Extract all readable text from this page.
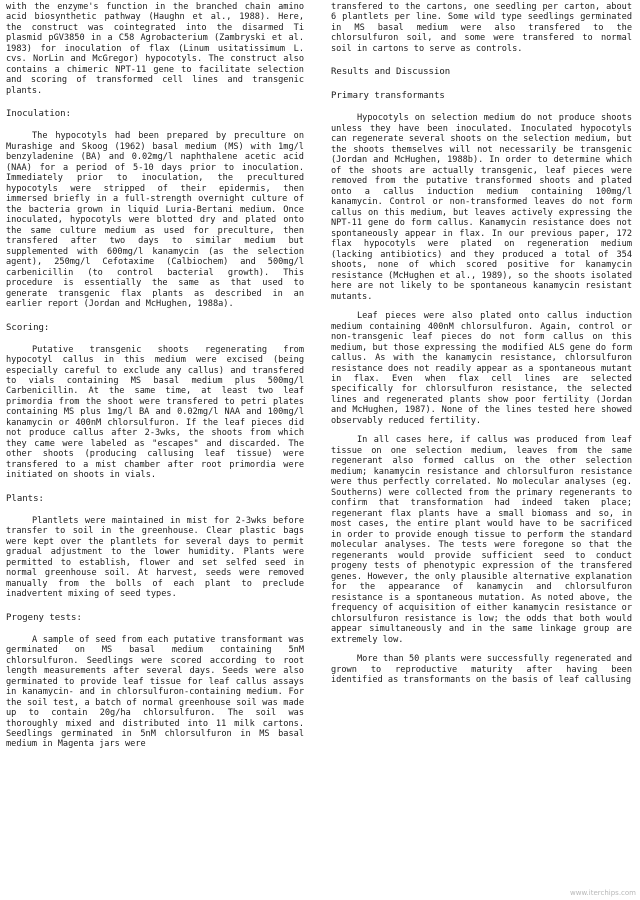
with the enzyme's function in the branched chain amino acid biosynthetic pathway (Haughn et al., 1988). Here, the construct was cointegrated into the disarmed Ti plasmid pGV3850 in a C58 Agrobacterium (Zambryski et al. 1983) for inoculation of flax (Linum usitatissimum L. cvs. NorLin and McGregor) hypocotyls. The construct also contains a chimeric NPT-11 gene to facilitate selection and scoring of transformed cell lines and transgenic plants.

Inoculation:

The hypocotyls had been prepared by preculture on Murashige and Skoog (1962) basal medium (MS) with 1mg/l benzyladenine (BA) and 0.02mg/l naphthalene acetic acid (NAA) for a period of 5-10 days prior to inoculation. Immediately prior to inoculation, the precultured hypocotyls were stripped of their epidermis, then immersed briefly in a full-strength overnight culture of the bacteria grown in liquid Luria-Bertani medium. Once inoculated, hypocotyls were blotted dry and plated onto the same culture medium as used for preculture, then transfered after two days to similar medium but supplemented with 600mg/l kanamycin (as the selection agent), 250mg/l Cefotaxime (Calbiochem) and 500mg/l carbenicillin (to control bacterial growth). This procedure is essentially the same as that used to generate transgenic flax plants as described in an earlier report (Jordan and McHughen, 1988a).

Scoring:

Putative transgenic shoots regenerating from hypocotyl callus in this medium were excised (being especially careful to exclude any callus) and transfered to vials containing MS basal medium plus 500mg/l Carbenicillin. At the same time, at least two leaf primordia from the shoot were transfered to petri plates containing MS plus 1mg/l BA and 0.02mg/l NAA and 100mg/l kanamycin or 400nM chlorsulfuron. If the leaf pieces did not produce callus after 2-3wks, the shoots from which they came were labeled as "escapes" and discarded. The other shoots (producing callusing leaf tissue) were transfered to a mist chamber after root primordia were initiated on shoots in vials.

Plants:

Plantlets were maintained in mist for 2-3wks before transfer to soil in the greenhouse. Clear plastic bags were kept over the plantlets for several days to permit gradual adjustment to the lower humidity. Plants were permitted to establish, flower and set selfed seed in normal greenhouse soil. At harvest, seeds were removed manually from the bolls of each plant to preclude inadvertent mixing of seed types.

Progeny tests:

A sample of seed from each putative transformant was germinated on MS basal medium containing 5nM chlorsulfuron. Seedlings were scored according to root length measurements after several days. Seeds were also germinated to provide leaf tissue for leaf callus assays in kanamycin- and in chlorsulfuron-containing medium. For the soil test, a batch of normal greenhouse soil was made up to contain 20g/ha chlorsulfuron. The soil was thoroughly mixed and distributed into 11 milk cartons. Seedlings germinated in 5nM chlorsulfuron in MS basal medium in Magenta jars were

transfered to the cartons, one seedling per carton, about 6 plantlets per line. Some wild type seedlings germinated in MS basal medium were also transfered to the chlorsulfuron soil, and some were transfered to normal soil in cartons to serve as controls.

Results and Discussion
Primary transformants

Hypocotyls on selection medium do not produce shoots unless they have been inoculated. Inoculated hypocotyls can regenerate several shoots on the selection medium, but the shoots themselves will not necessarily be transgenic (Jordan and McHughen, 1988b). In order to determine which of the shoots are actually transgenic, leaf pieces were removed from the putative transformed shoots and plated onto a callus induction medium containing 100mg/l kanamycin. Control or non-transformed leaves do not form callus on this medium, but leaves actively expressing the NPT-11 gene do form callus. Kanamycin resistance does not spontaneously appear in flax. In our previous paper, 172 flax hypocotyls were plated on regeneration medium (lacking antibiotics) and they produced a total of 354 shoots, none of which scored positive for kanamycin resistance (McHughen et al., 1989), so the shoots isolated here are not likely to be spontaneous kanamycin resistant mutants.

Leaf pieces were also plated onto callus induction medium containing 400nM chlorsulfuron. Again, control or non-transgenic leaf pieces do not form callus on this medium, but those expressing the modified ALS gene do form callus. As with the kanamycin resistance, chlorsulfuron resistance does not readily appear as a spontaneous mutant in flax. Even when flax cell lines are selected specifically for chlorsulfuron resistance, the selected lines and regenerated plants show poor fertility (Jordan and McHughen, 1987). None of the lines tested here showed observably reduced fertility.

In all cases here, if callus was produced from leaf tissue on one selection medium, leaves from the same regenerant also formed callus on the other selection medium; kanamycin resistance and chlorsulfuron resistance were thus perfectly correlated. No molecular analyses (eg. Southerns) were collected from the primary regenerants to confirm that transformation had indeed taken place; regenerant flax plants have a small biomass and so, in most cases, the entire plant would have to be sacrificed in order to provide enough tissue to perform the standard molecular analyses. The tests were foregone so that the regenerants would provide sufficient seed to conduct progeny tests of phenotypic expression of the transfered genes. However, the only plausible alternative explanation for the appearance of kanamycin and chlorsulfuron resistance is a spontaneous mutation. As noted above, the frequency of acquisition of either kanamycin resistance or chlorsulfuron resistance is low; the odds that both would appear simultaneously and in the same linkage group are extremely low.

More than 50 plants were successfully regenerated and grown to reproductive maturity after having been identified as transformants on the basis of leaf callusing

www.iterchips.com
